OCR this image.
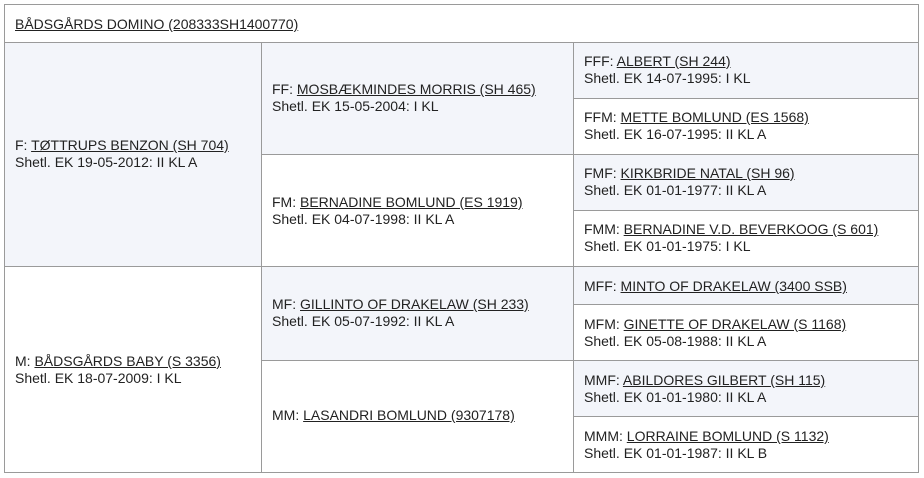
BÅDSGÅRDS DOMINO (208333SH1400770)
F: TØTTRUPS BENZON (SH 704)
Shetl. EK 19-05-2012: II KL A
M: BÅDSGÅRDS BABY (S 3356)
Shetl. EK 18-07-2009: I KL
FF: MOSBÆKMINDES MORRIS (SH 465)
Shetl. EK 15-05-2004: I KL
FM: BERNADINE BOMLUND (ES 1919)
Shetl. EK 04-07-1998: II KL A
MF: GILLINTO OF DRAKELAW (SH 233)
Shetl. EK 05-07-1992: II KL A
MM: LASANDRI BOMLUND (9307178)
FFF: ALBERT (SH 244)
Shetl. EK 14-07-1995: I KL
FFM: METTE BOMLUND (ES 1568)
Shetl. EK 16-07-1995: II KL A
FMF: KIRKBRIDE NATAL (SH 96)
Shetl. EK 01-01-1977: II KL A
FMM: BERNADINE V.D. BEVERKOOG (S 601)
Shetl. EK 01-01-1975: I KL
MFF: MINTO OF DRAKELAW (3400 SSB)
MFM: GINETTE OF DRAKELAW (S 1168)
Shetl. EK 05-08-1988: II KL A
MMF: ABILDORES GILBERT (SH 115)
Shetl. EK 01-01-1980: II KL A
MMM: LORRAINE BOMLUND (S 1132)
Shetl. EK 01-01-1987: II KL B
